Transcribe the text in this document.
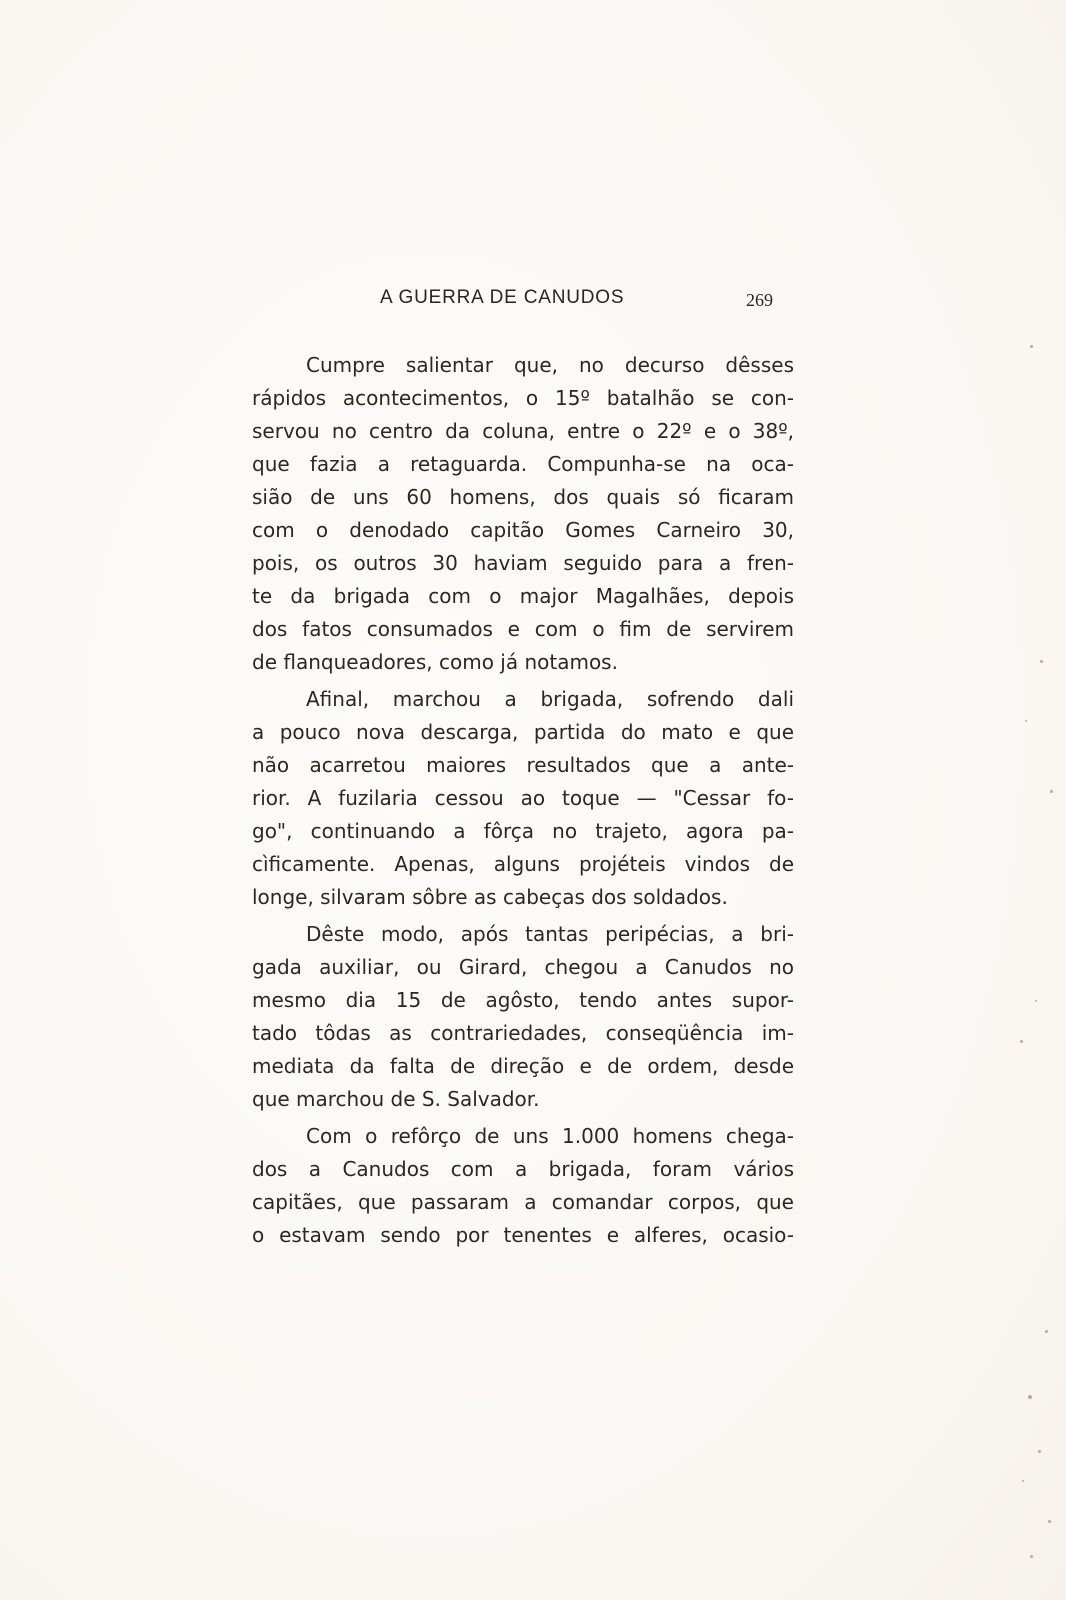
A GUERRA DE CANUDOS	269
Cumpre salientar que, no decurso dêsses
rápidos acontecimentos, o 15º batalhão se con-
servou no centro da coluna, entre o 22º e o 38º,
que fazia a retaguarda. Compunha-se na oca-
sião de uns 60 homens, dos quais só ficaram
com o denodado capitão Gomes Carneiro 30,
pois, os outros 30 haviam seguido para a fren-
te da brigada com o major Magalhães, depois
dos fatos consumados e com o fim de servirem
de flanqueadores, como já notamos.
Afinal, marchou a brigada, sofrendo dali
a pouco nova descarga, partida do mato e que
não acarretou maiores resultados que a ante-
rior. A fuzilaria cessou ao toque — "Cessar fo-
go", continuando a fôrça no trajeto, agora pa-
cìficamente. Apenas, alguns projéteis vindos de
longe, silvaram sôbre as cabeças dos soldados.
Dêste modo, após tantas peripécias, a bri-
gada auxiliar, ou Girard, chegou a Canudos no
mesmo dia 15 de agôsto, tendo antes supor-
tado tôdas as contrariedades, conseqüência im-
mediata da falta de direção e de ordem, desde
que marchou de S. Salvador.
Com o refôrço de uns 1.000 homens chega-
dos a Canudos com a brigada, foram vários
capitães, que passaram a comandar corpos, que
o estavam sendo por tenentes e alferes, ocasio-
